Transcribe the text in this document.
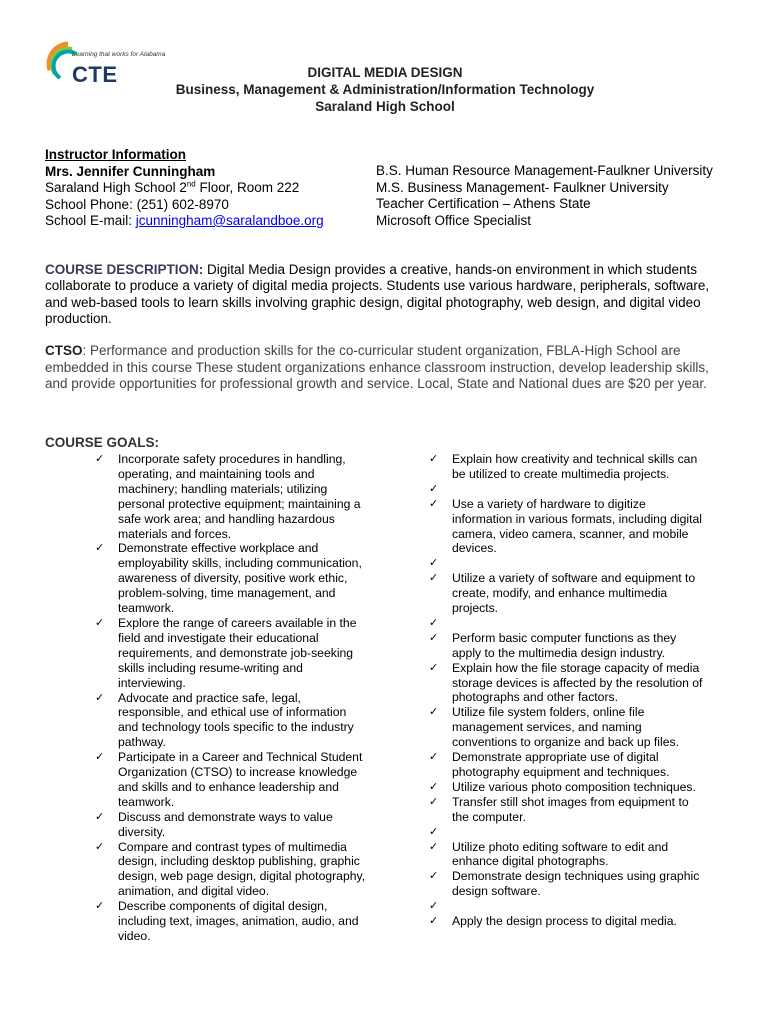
Learning that works for Alabama
CTE	DIGITAL MEDIA DESIGN
Business, Management & Administration/Information Technology
Saraland High School
Instructor Information
Mrs. Jennifer Cunningham
Saraland High School 2nd Floor, Room 222
School Phone: (251) 602-8970
School E-mail: jcunningham@saralandboe.org
B.S. Human Resource Management-Faulkner University
M.S. Business Management- Faulkner University
Teacher Certification – Athens State
Microsoft Office Specialist
COURSE DESCRIPTION: Digital Media Design provides a creative, hands-on environment in which students collaborate to produce a variety of digital media projects. Students use various hardware, peripherals, software, and web-based tools to learn skills involving graphic design, digital photography, web design, and digital video production.
CTSO: Performance and production skills for the co-curricular student organization, FBLA-High School are embedded in this course These student organizations enhance classroom instruction, develop leadership skills, and provide opportunities for professional growth and service. Local, State and National dues are $20 per year.
COURSE GOALS:
✓	Incorporate safety procedures in handling, operating, and maintaining tools and machinery; handling materials; utilizing personal protective equipment; maintaining a safe work area; and handling hazardous materials and forces.
✓	Demonstrate effective workplace and employability skills, including communication, awareness of diversity, positive work ethic, problem-solving, time management, and teamwork.
✓	Explore the range of careers available in the field and investigate their educational requirements, and demonstrate job-seeking skills including resume-writing and interviewing.
✓	Advocate and practice safe, legal, responsible, and ethical use of information and technology tools specific to the industry pathway.
✓	Participate in a Career and Technical Student Organization (CTSO) to increase knowledge and skills and to enhance leadership and teamwork.
✓	Discuss and demonstrate ways to value diversity.
✓	Compare and contrast types of multimedia design, including desktop publishing, graphic design, web page design, digital photography, animation, and digital video.
✓	Describe components of digital design, including text, images, animation, audio, and video.
✓	Explain how creativity and technical skills can be utilized to create multimedia projects.
✓
✓	Use a variety of hardware to digitize information in various formats, including digital camera, video camera, scanner, and mobile devices.
✓
✓	Utilize a variety of software and equipment to create, modify, and enhance multimedia projects.
✓
✓	Perform basic computer functions as they apply to the multimedia design industry.
✓	Explain how the file storage capacity of media storage devices is affected by the resolution of photographs and other factors.
✓	Utilize file system folders, online file management services, and naming conventions to organize and back up files.
✓	Demonstrate appropriate use of digital photography equipment and techniques.
✓	Utilize various photo composition techniques.
✓	Transfer still shot images from equipment to the computer.
✓
✓	Utilize photo editing software to edit and enhance digital photographs.
✓	Demonstrate design techniques using graphic design software.
✓
✓	Apply the design process to digital media.
